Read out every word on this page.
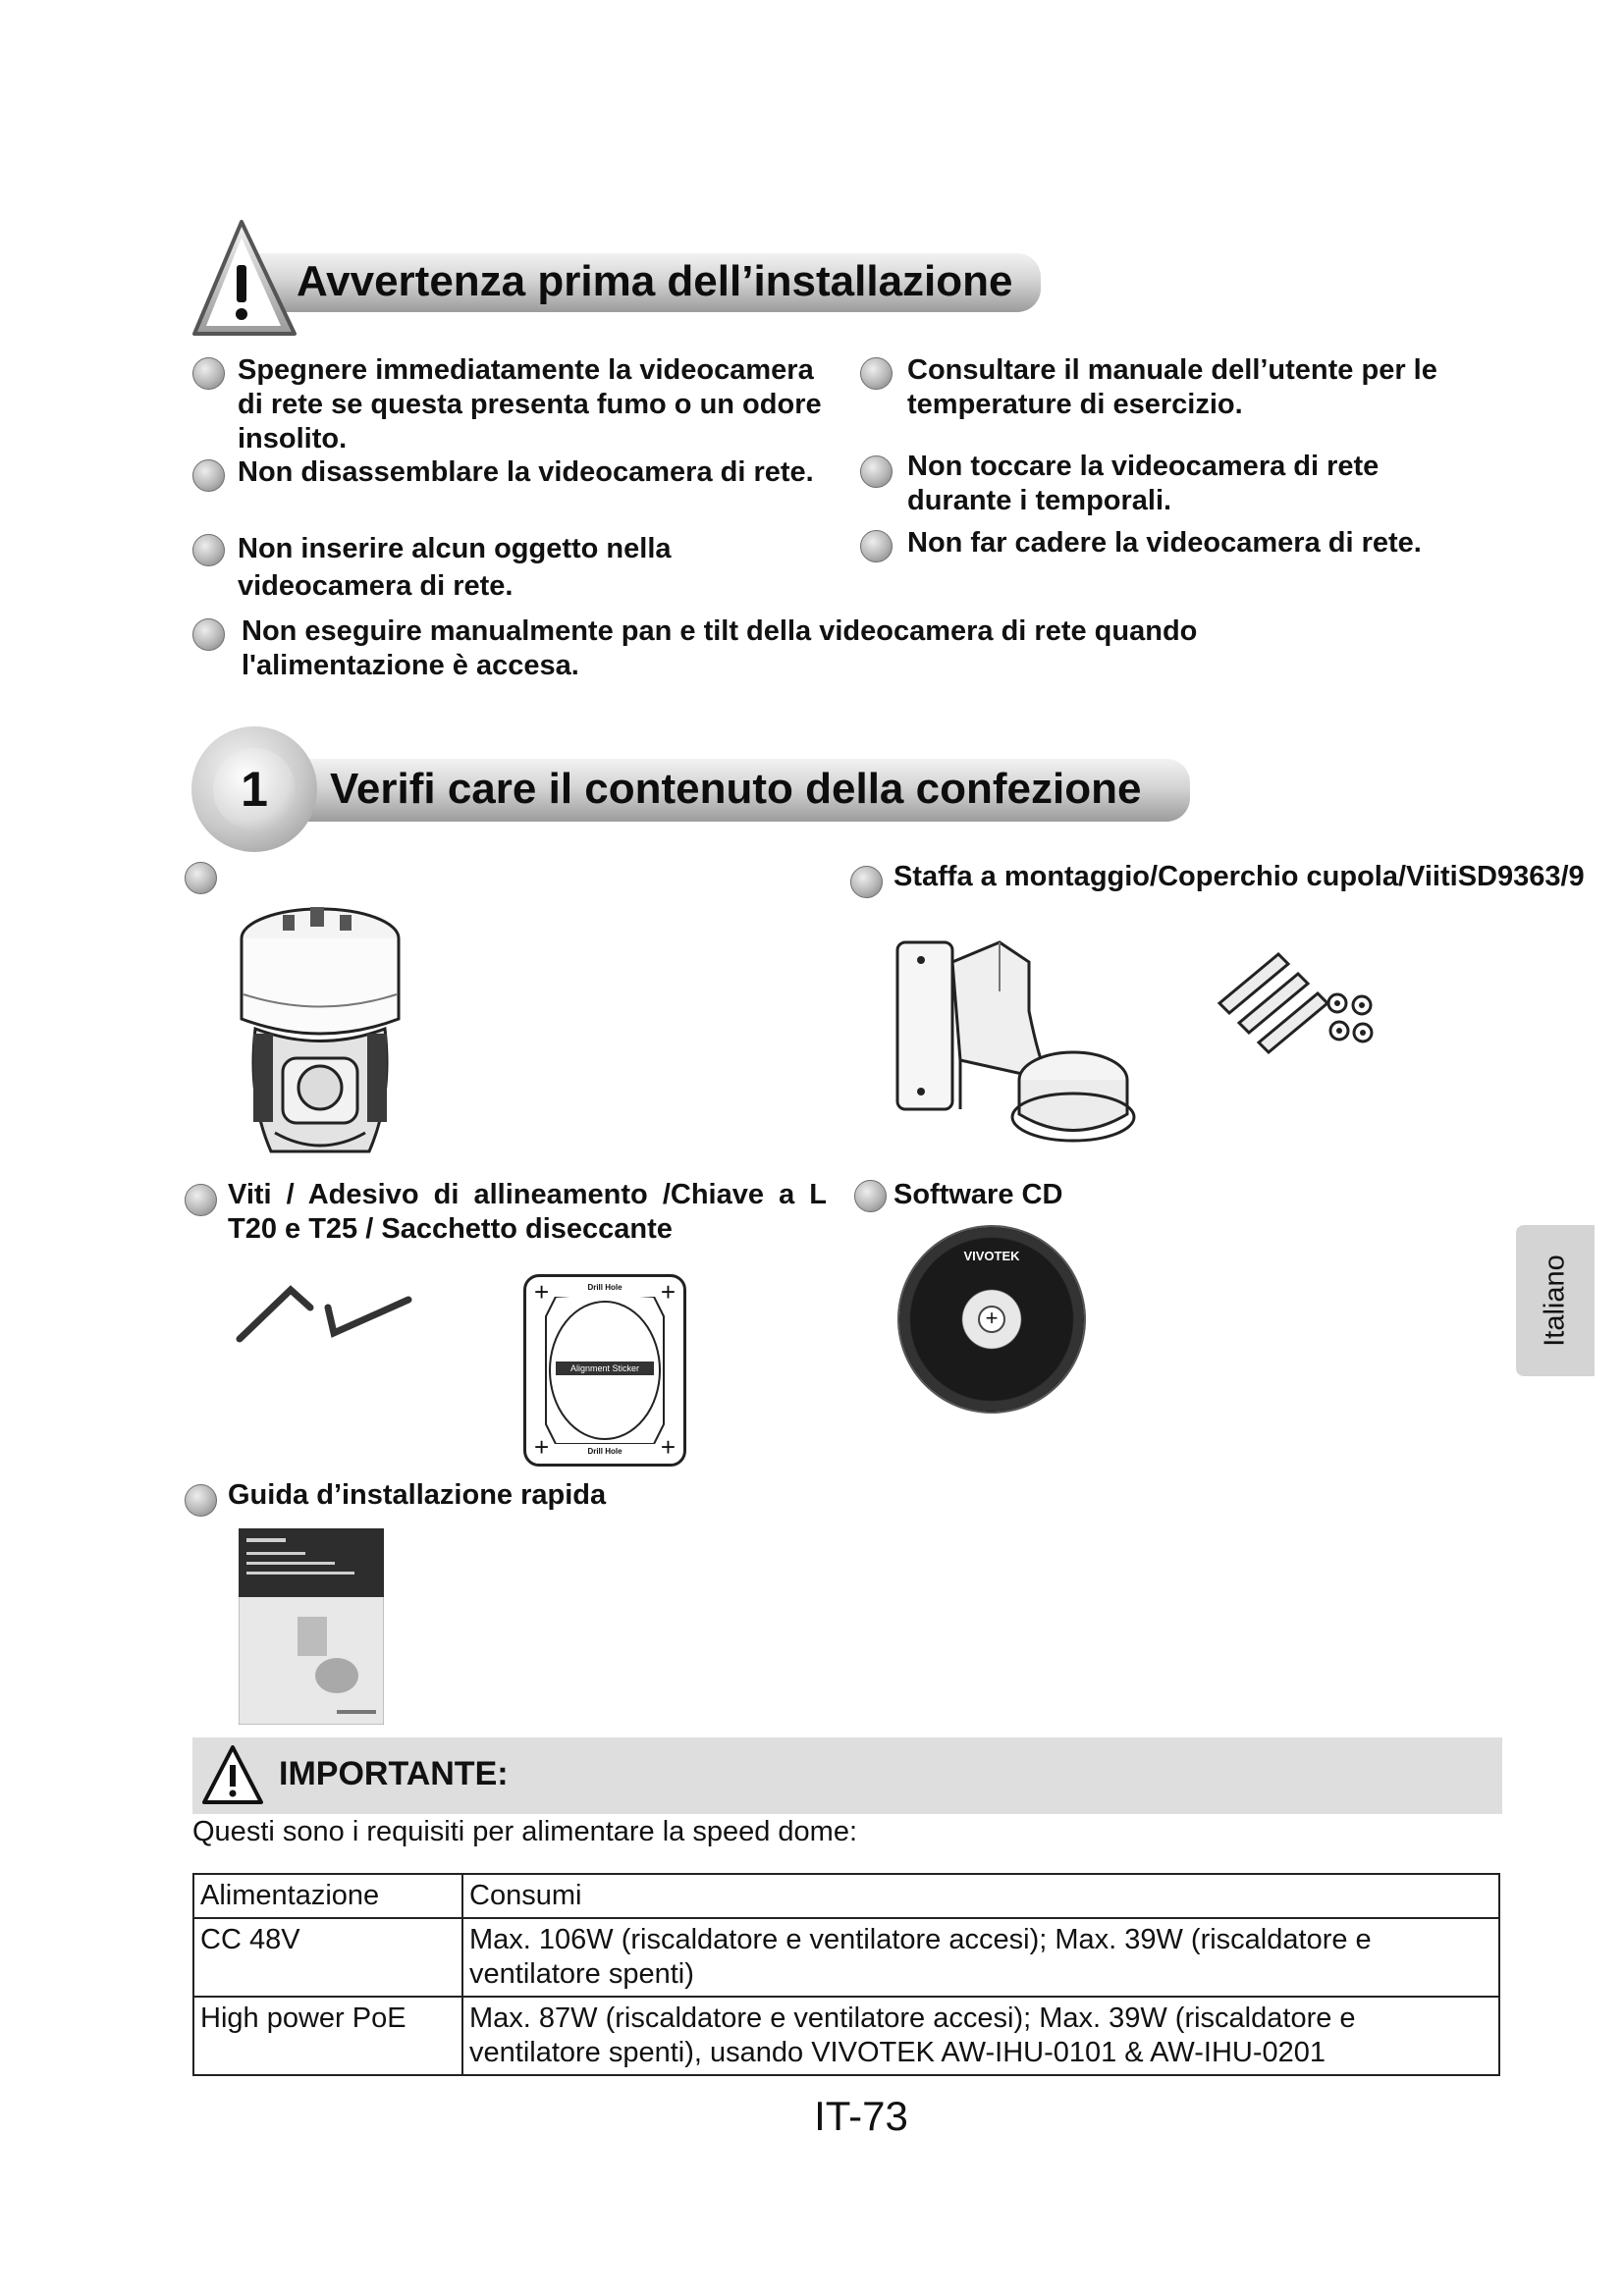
Avvertenza prima dell’installazione
Spegnere immediatamente la videocamera di rete se questa presenta fumo o un odore insolito.
Non disassemblare la videocamera di rete.
Non inserire alcun oggetto nella videocamera di rete.
Consultare il manuale dell’utente per le temperature di esercizio.
Non toccare la videocamera di rete durante i temporali.
Non far cadere la videocamera di rete.
Non eseguire manualmente pan e tilt della videocamera di rete quando l'alimentazione è accesa.
1	Verifi care il contenuto della confezione
Staffa a montaggio/Coperchio cupola/ViitiSD9363/9
Viti / Adesivo di allineamento /Chiave a L T20 e T25 / Sacchetto diseccante
+	+
+	+
Drill Hole
Alignment Sticker
Drill Hole
Software CD
VIVOTEK
+
Guida d’installazione rapida
IMPORTANTE:
Questi sono i requisiti per alimentare la speed dome:
Alimentazione	Consumi
CC 48V	Max. 106W (riscaldatore e ventilatore accesi); Max. 39W (riscaldatore e ventilatore spenti)
High power PoE	Max. 87W (riscaldatore e ventilatore accesi); Max. 39W (riscaldatore e ventilatore spenti), usando VIVOTEK AW-IHU-0101 & AW-IHU-0201
IT-73
Italiano
